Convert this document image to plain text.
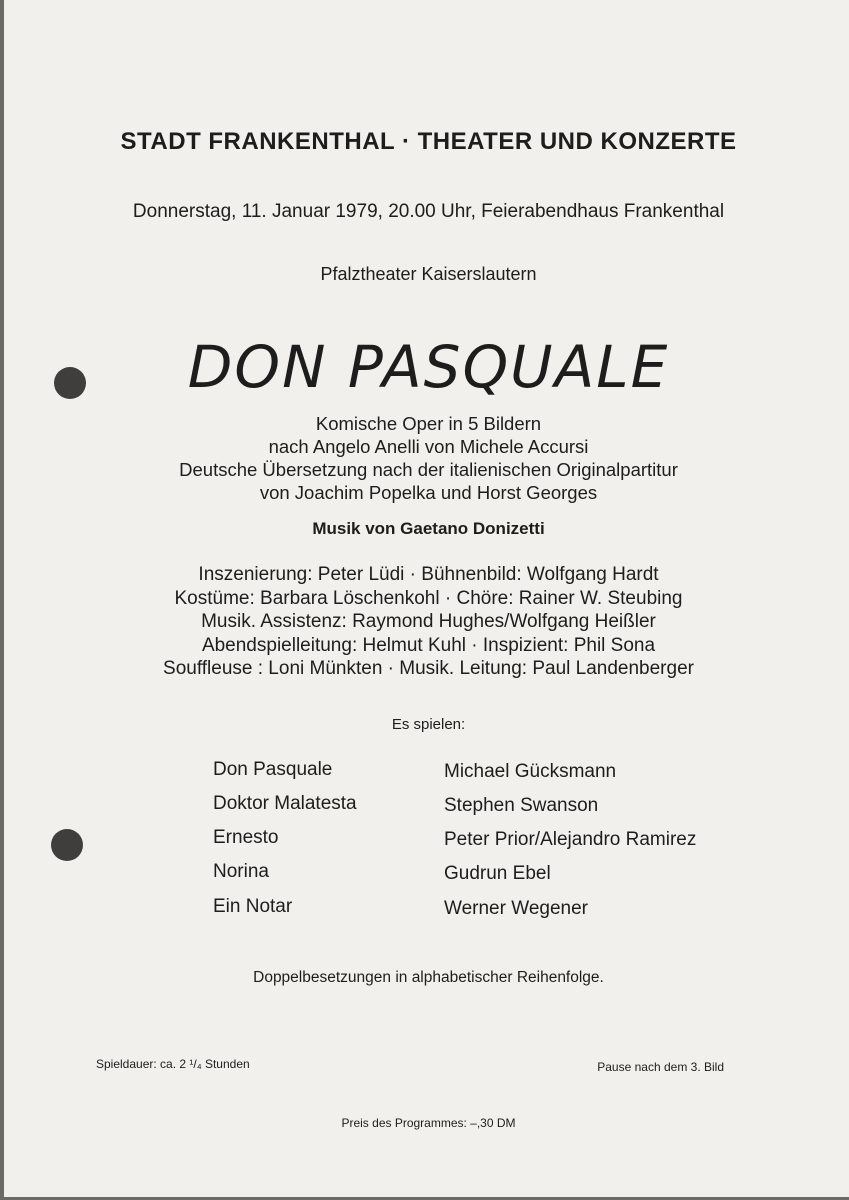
STADT FRANKENTHAL · THEATER UND KONZERTE
Donnerstag, 11. Januar 1979, 20.00 Uhr, Feierabendhaus Frankenthal
Pfalztheater Kaiserslautern
DON PASQUALE
Komische Oper in 5 Bildern
nach Angelo Anelli von Michele Accursi
Deutsche Übersetzung nach der italienischen Originalpartitur
von Joachim Popelka und Horst Georges
Musik von Gaetano Donizetti
Inszenierung: Peter Lüdi · Bühnenbild: Wolfgang Hardt
Kostüme: Barbara Löschenkohl · Chöre: Rainer W. Steubing
Musik. Assistenz: Raymond Hughes/Wolfgang Heißler
Abendspielleitung: Helmut Kuhl · Inspizient: Phil Sona
Souffleuse : Loni Münkten · Musik. Leitung: Paul Landenberger
Es spielen:
Don Pasquale	Michael Gücksmann
Doktor Malatesta	Stephen Swanson
Ernesto	Peter Prior/Alejandro Ramirez
Norina	Gudrun Ebel
Ein Notar	Werner Wegener
Doppelbesetzungen in alphabetischer Reihenfolge.
Spieldauer: ca. 2 ¹/₄ Stunden	Pause nach dem 3. Bild
Preis des Programmes: –,30 DM
